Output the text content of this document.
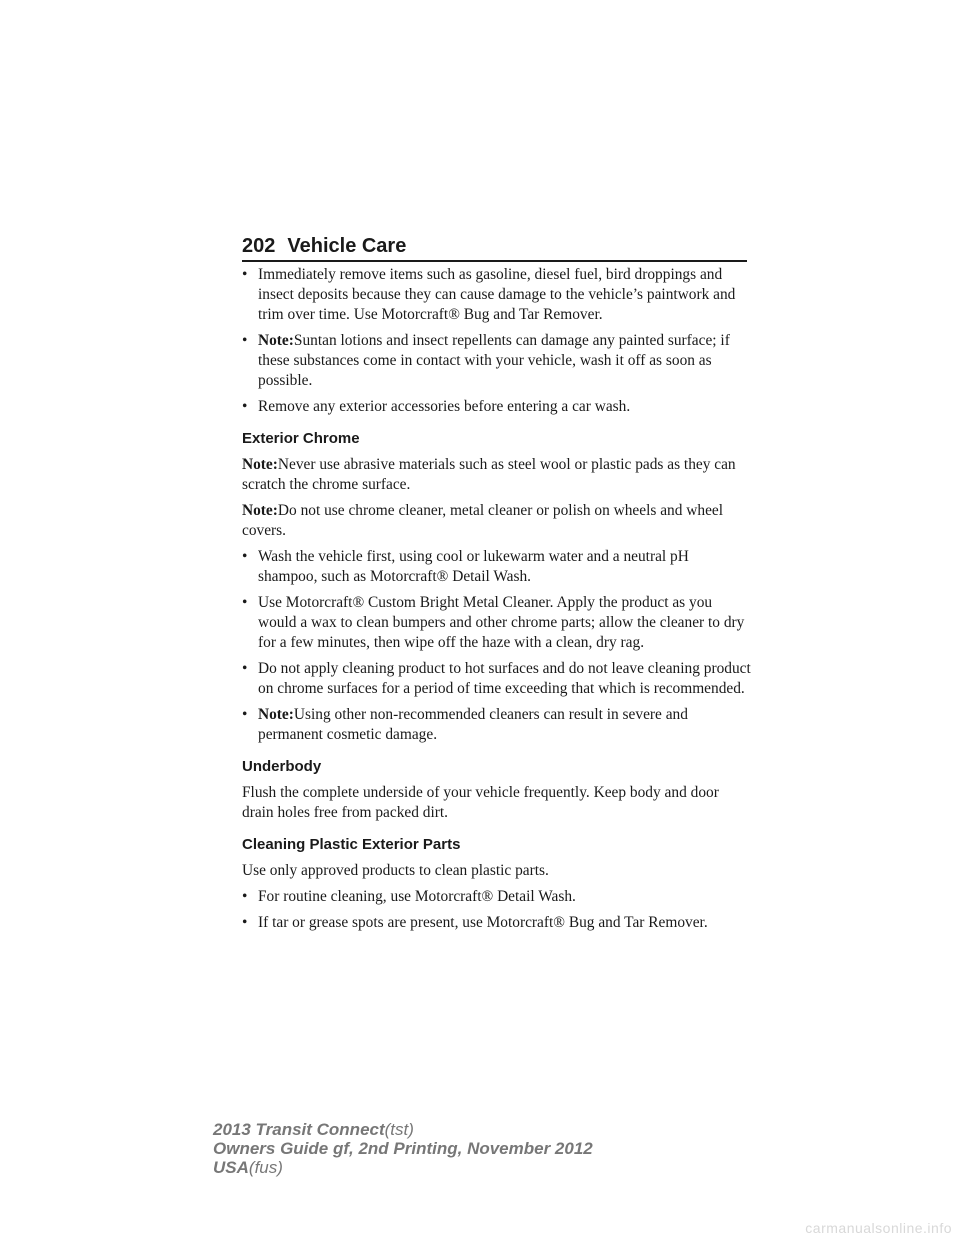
202 Vehicle Care
• Immediately remove items such as gasoline, diesel fuel, bird droppings and insect deposits because they can cause damage to the vehicle’s paintwork and trim over time. Use Motorcraft® Bug and Tar Remover.
• Note:Suntan lotions and insect repellents can damage any painted surface; if these substances come in contact with your vehicle, wash it off as soon as possible.
• Remove any exterior accessories before entering a car wash.
Exterior Chrome

Note:Never use abrasive materials such as steel wool or plastic pads as they can scratch the chrome surface.

Note:Do not use chrome cleaner, metal cleaner or polish on wheels and wheel covers.

• Wash the vehicle first, using cool or lukewarm water and a neutral pH shampoo, such as Motorcraft® Detail Wash.
• Use Motorcraft® Custom Bright Metal Cleaner. Apply the product as you would a wax to clean bumpers and other chrome parts; allow the cleaner to dry for a few minutes, then wipe off the haze with a clean, dry rag.
• Do not apply cleaning product to hot surfaces and do not leave cleaning product on chrome surfaces for a period of time exceeding that which is recommended.
• Note:Using other non-recommended cleaners can result in severe and permanent cosmetic damage.
Underbody

Flush the complete underside of your vehicle frequently. Keep body and door drain holes free from packed dirt.

Cleaning Plastic Exterior Parts

Use only approved products to clean plastic parts.

• For routine cleaning, use Motorcraft® Detail Wash.
• If tar or grease spots are present, use Motorcraft® Bug and Tar Remover.
2013 Transit Connect(tst)
Owners Guide gf, 2nd Printing, November 2012
USA(fus)
carmanualsonline.info
